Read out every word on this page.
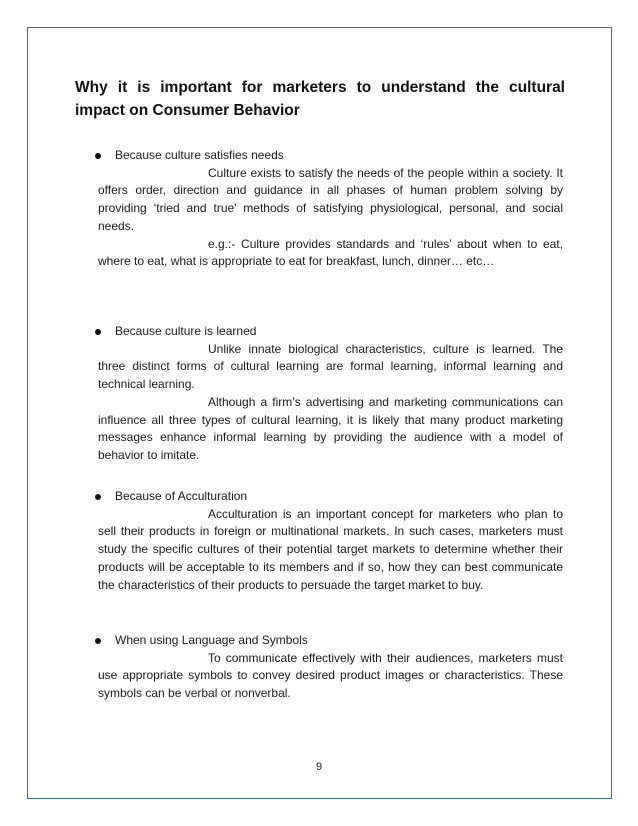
Why it is important for marketers to understand the cultural impact on Consumer Behavior
Because culture satisfies needs

Culture exists to satisfy the needs of the people within a society. It offers order, direction and guidance in all phases of human problem solving by providing ‘tried and true’ methods of satisfying physiological, personal, and social needs.

e.g.:- Culture provides standards and ‘rules’ about when to eat, where to eat, what is appropriate to eat for breakfast, lunch, dinner… etc…

Because culture is learned

Unlike innate biological characteristics, culture is learned. The three distinct forms of cultural learning are formal learning, informal learning and technical learning.

Although a firm’s advertising and marketing communications can influence all three types of cultural learning, it is likely that many product marketing messages enhance informal learning by providing the audience with a model of behavior to imitate.

Because of Acculturation

Acculturation is an important concept for marketers who plan to sell their products in foreign or multinational markets. In such cases, marketers must study the specific cultures of their potential target markets to determine whether their products will be acceptable to its members and if so, how they can best communicate the characteristics of their products to persuade the target market to buy.

When using Language and Symbols

To communicate effectively with their audiences, marketers must use appropriate symbols to convey desired product images or characteristics. These symbols can be verbal or nonverbal.

9
